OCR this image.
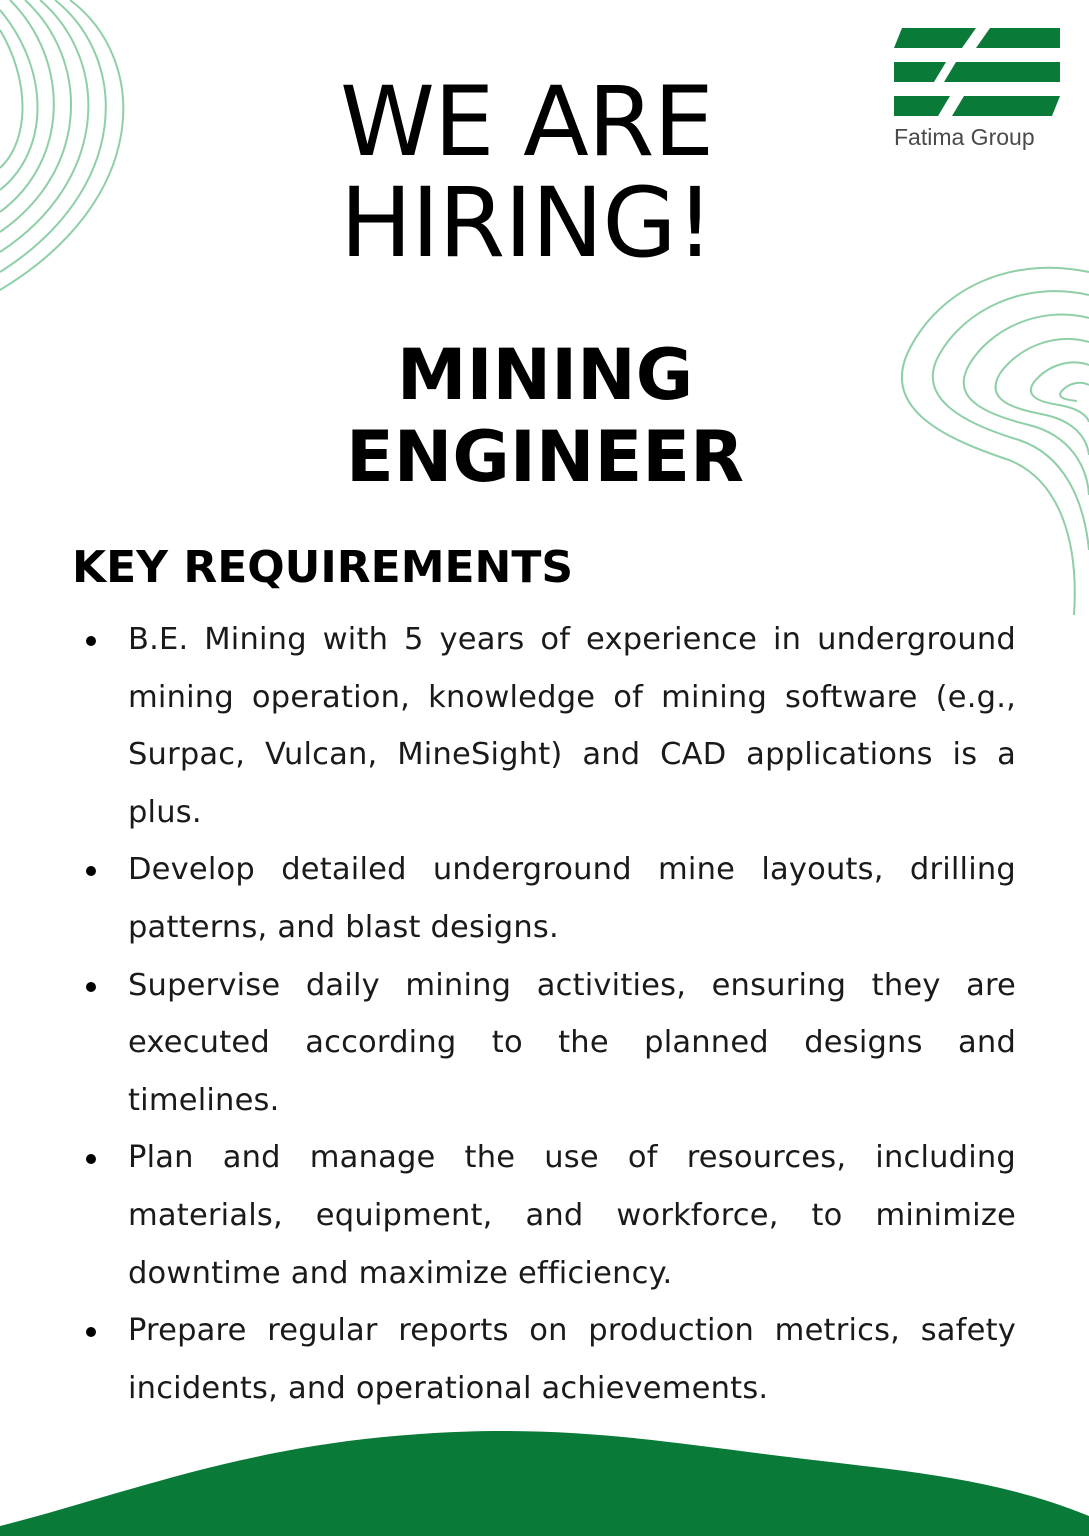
Fatima Group
WE ARE
HIRING!
MINING
ENGINEER
KEY REQUIREMENTS
B.E. Mining with 5 years of experience in underground mining operation, knowledge of mining software (e.g., Surpac, Vulcan, MineSight) and CAD applications is a plus.
Develop detailed underground mine layouts, drilling patterns, and blast designs.
Supervise daily mining activities, ensuring they are executed according to the planned designs and timelines.
Plan and manage the use of resources, including materials, equipment, and workforce, to minimize downtime and maximize efficiency.
Prepare regular reports on production metrics, safety incidents, and operational achievements.
